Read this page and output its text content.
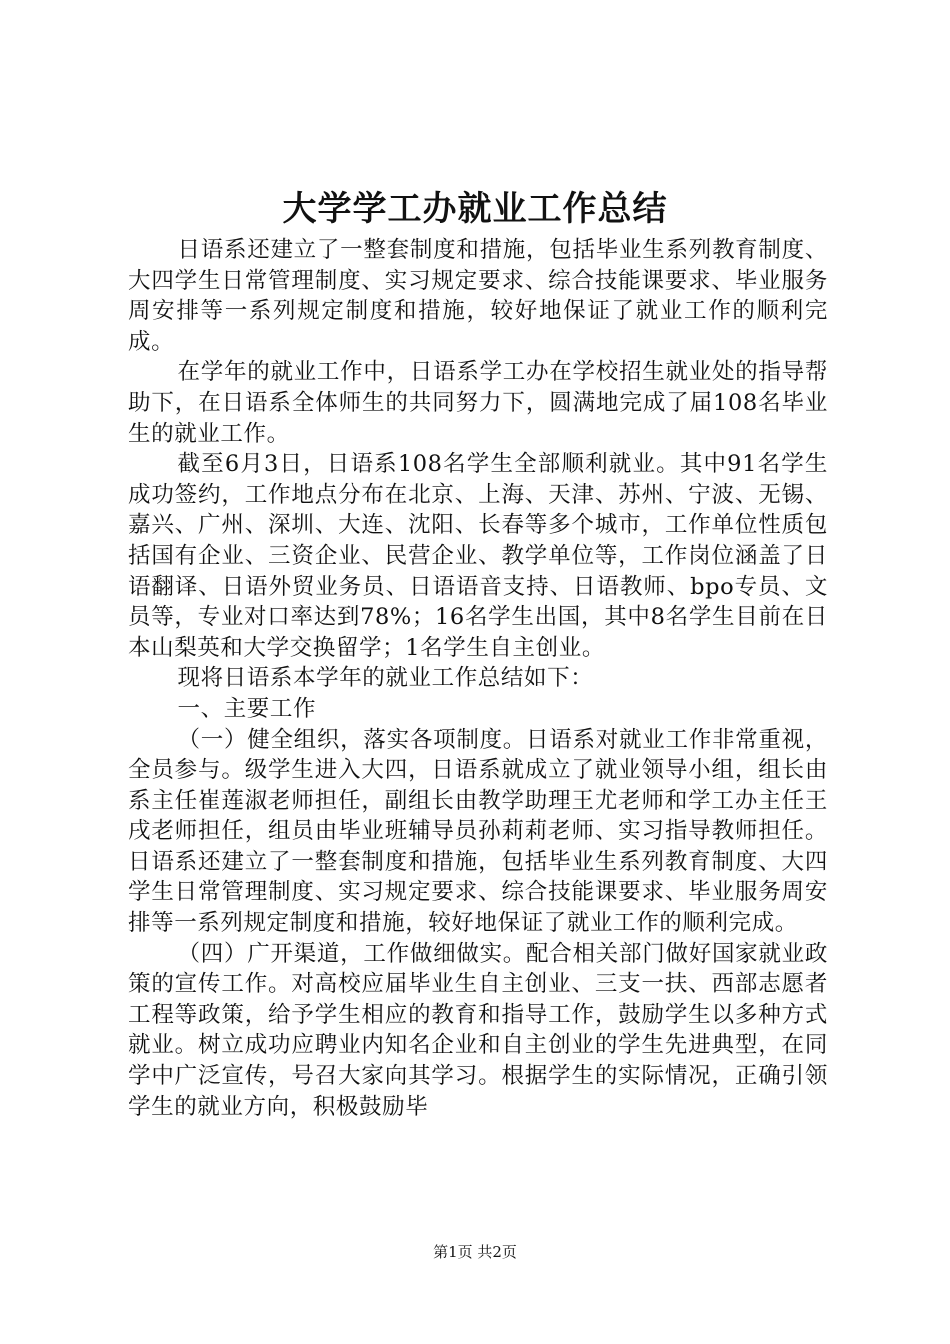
大学学工办就业工作总结

日语系还建立了一整套制度和措施，包括毕业生系列教育制度、大四学生日常管理制度、实习规定要求、综合技能课要求、毕业服务周安排等一系列规定制度和措施，较好地保证了就业工作的顺利完成。

在学年的就业工作中，日语系学工办在学校招生就业处的指导帮助下，在日语系全体师生的共同努力下，圆满地完成了届108名毕业生的就业工作。

截至6月3日，日语系108名学生全部顺利就业。其中91名学生成功签约，工作地点分布在北京、上海、天津、苏州、宁波、无锡、嘉兴、广州、深圳、大连、沈阳、长春等多个城市，工作单位性质包括国有企业、三资企业、民营企业、教学单位等，工作岗位涵盖了日语翻译、日语外贸业务员、日语语音支持、日语教师、bpo专员、文员等，专业对口率达到78%；16名学生出国，其中8名学生目前在日本山梨英和大学交换留学；1名学生自主创业。

现将日语系本学年的就业工作总结如下：

一、主要工作

（一）健全组织，落实各项制度。日语系对就业工作非常重视，全员参与。级学生进入大四，日语系就成立了就业领导小组，组长由系主任崔莲淑老师担任，副组长由教学助理王尤老师和学工办主任王戌老师担任，组员由毕业班辅导员孙莉莉老师、实习指导教师担任。日语系还建立了一整套制度和措施，包括毕业生系列教育制度、大四学生日常管理制度、实习规定要求、综合技能课要求、毕业服务周安排等一系列规定制度和措施，较好地保证了就业工作的顺利完成。

（四）广开渠道，工作做细做实。配合相关部门做好国家就业政策的宣传工作。对高校应届毕业生自主创业、三支一扶、西部志愿者工程等政策，给予学生相应的教育和指导工作，鼓励学生以多种方式就业。树立成功应聘业内知名企业和自主创业的学生先进典型，在同学中广泛宣传，号召大家向其学习。根据学生的实际情况，正确引领学生的就业方向，积极鼓励毕

第1页 共2页
